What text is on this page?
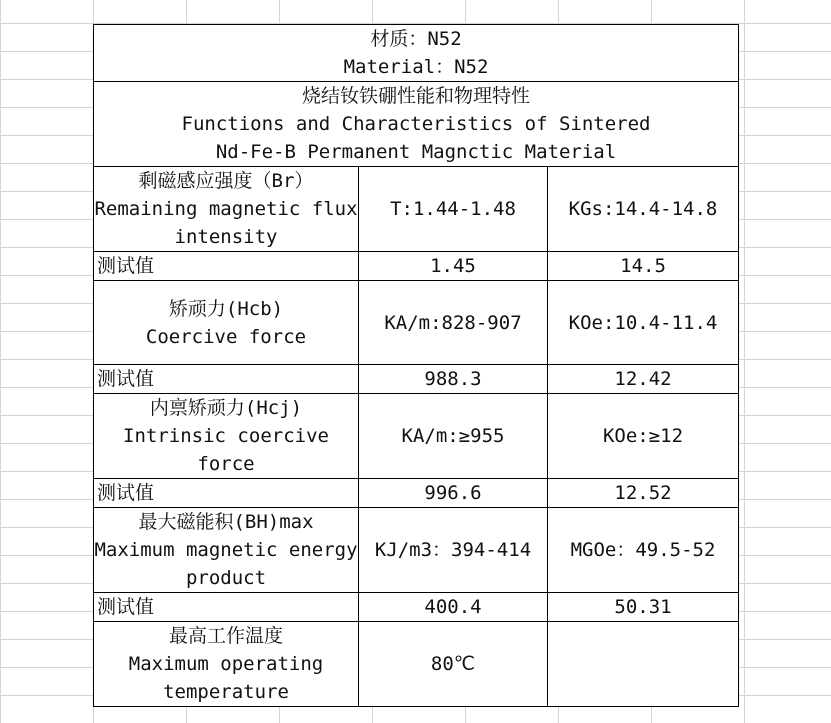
材质：N52
Material：N52		

烧结钕铁硼性能和物理特性
Functions and Characteristics of Sintered
Nd-Fe-B Permanent Magnctic Material		

剩磁感应强度（Br）
Remaining magnetic flux
intensity	T:1.44-1.48	KGs:14.4-14.8
测试值	1.45	14.5

矫顽力(Hcb)
Coercive force	KA/m:828-907	KOe:10.4-11.4
测试值	988.3	12.42

内禀矫顽力(Hcj)
Intrinsic coercive
force	KA/m:≥955	KOe:≥12
测试值	996.6	12.52

最大磁能积(BH)max
Maximum magnetic energy
product	KJ/m3：394-414	MGOe：49.5-52
测试值	400.4	50.31

最高工作温度
Maximum operating
temperature	80℃	
